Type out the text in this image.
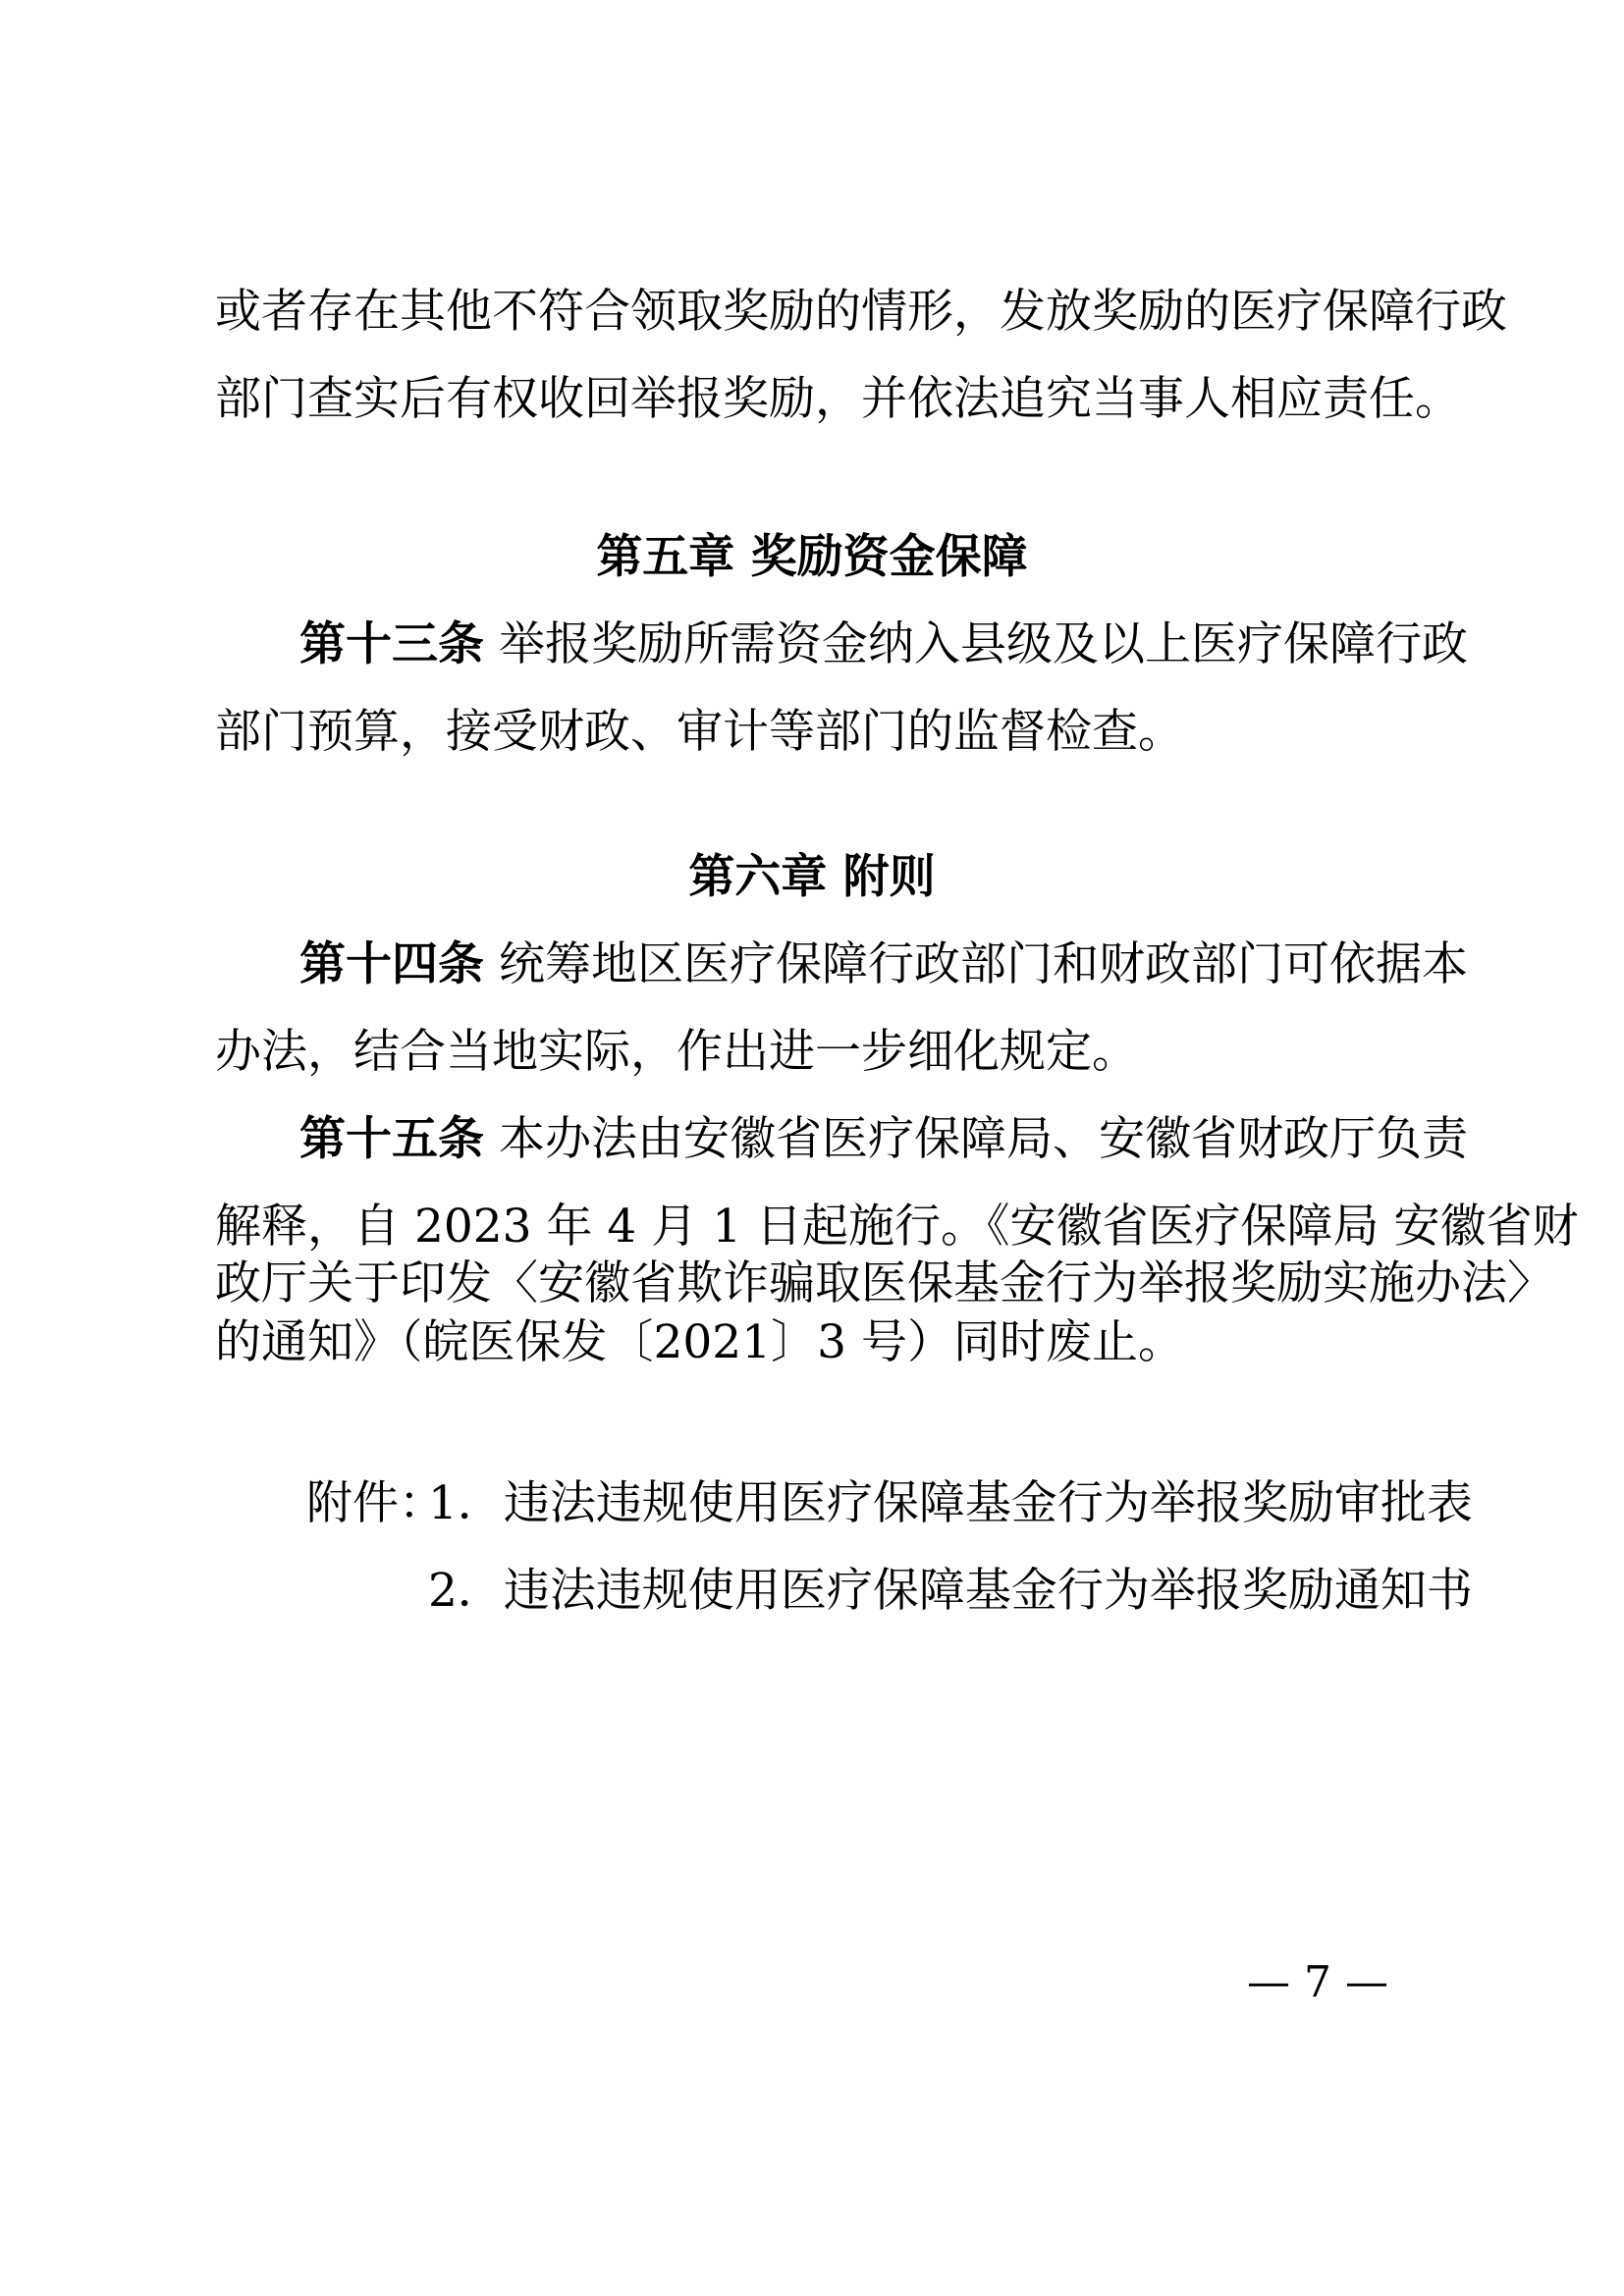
或者存在其他不符合领取奖励的情形，发放奖励的医疗保障行政
部门查实后有权收回举报奖励，并依法追究当事人相应责任。
第五章 奖励资金保障
第十三条 举报奖励所需资金纳入县级及以上医疗保障行政
部门预算，接受财政、审计等部门的监督检查。
第六章 附则
第十四条 统筹地区医疗保障行政部门和财政部门可依据本
办法，结合当地实际，作出进一步细化规定。
第十五条 本办法由安徽省医疗保障局、安徽省财政厅负责
解释，自 2023 年 4 月 1 日起施行。《安徽省医疗保障局 安徽省财
政厅关于印发〈安徽省欺诈骗取医保基金行为举报奖励实施办法〉
的通知》（皖医保发〔2021〕3 号）同时废止。
附件：
1．违法违规使用医疗保障基金行为举报奖励审批表
2．违法违规使用医疗保障基金行为举报奖励通知书
— 7 —
